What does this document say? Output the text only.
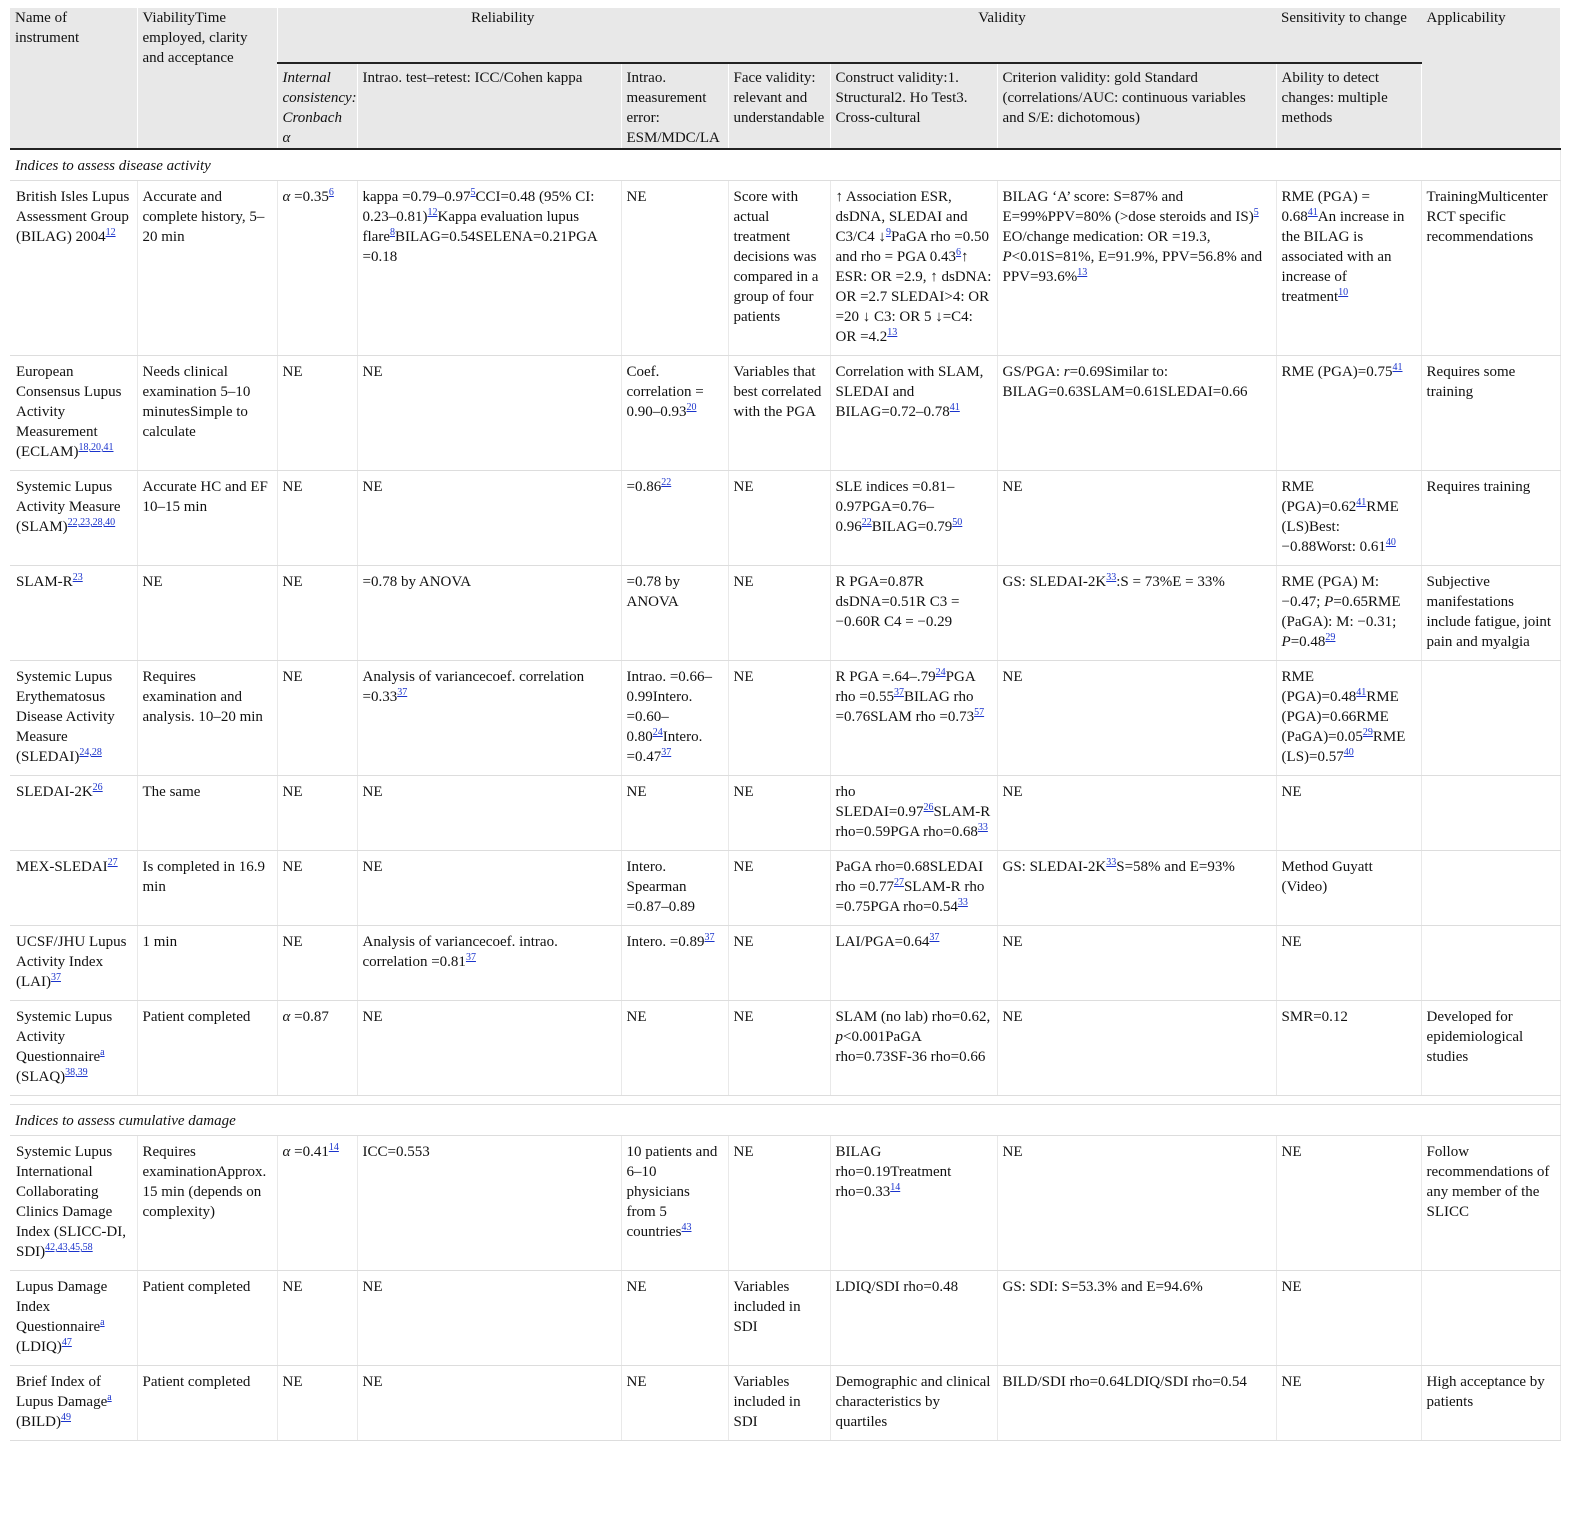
Name of instrument	ViabilityTime employed, clarity and acceptance	Reliability			Validity			Sensitivity to change	Applicability
		Internal consistency: Cronbach α	Intrao. test–retest: ICC/Cohen kappa	Intrao. measurement error: ESM/MDC/LA	Face validity: relevant and understandable	Construct validity:1. Structural2. Ho Test3. Cross-cultural	Criterion validity: gold Standard (correlations/AUC: continuous variables and S/E: dichotomous)	Ability to detect changes: multiple methods	
Indices to assess disease activity									
British Isles Lupus Assessment Group (BILAG) 2004$^{12}$	Accurate and complete history, 5–20 min	$\alpha =0.35^6$	kappa $=0.79-0.97^5CCI=0.48$ (95% CI: 0.23–0.81)$^{12}$Kappa evaluation lupus flare$^8$BILAG=0.54SELENA=0.21PGA =0.18	NE	Score with actual treatment decisions was compared in a group of four patients	↑ Association ESR, dsDNA, SLEDAI and C3/C4 ↓$^9$PaGA rho =0.50 and rho = PGA 0.43$^6$↑ ESR: OR =2.9, ↑ dsDNA: OR =2.7 SLEDAI>4: OR =20 ↓ C3: OR 5 ↓=C4: OR $=4.2^{13}$	BILAG ‘A’ score: S=87% and E=99%PPV=80% (>dose steroids and IS)$^5$ EO/change medication: OR =19.3, P<0.01S=81%, E=91.9%, PPV=56.8% and PPV=93.6%$^{13}$	RME $(PGA) = 0.68^{41}An$ increase in the BILAG is associated with an increase of treatment$^{10}$	TrainingMulticenter RCT specific recommendations
European Consensus Lupus Activity Measurement (ECLAM)$^{18,20,41}$	Needs clinical examination 5–10 minutesSimple to calculate	NE	NE	Coef. correlation = $0.90-0.93^{20}$	Variables that best correlated with the PGA	Correlation with SLAM, SLEDAI and $BILAG=0.72-0.78^{41}$	GS/PGA: r=0.69Similar to: BILAG=0.63SLAM=0.61SLEDAI=0.66	RME $(PGA)=0.75^{41}$	Requires some training
Systemic Lupus Activity Measure (SLAM)$^{22,23,28,40}$	Accurate HC and EF 10–15 min	NE	NE	$=0.86^{22}$	NE	SLE indices $=0.81-0.97PGA=0.76-0.96^{22}BILAG=0.79^{50}$	NE	RME $(PGA)=0.62^{41}RME$ (LS)Best: −0.88Worst: 0.61$^{40}$	Requires training
SLAM-$R^{23}$	NE	NE	=0.78 by ANOVA	=0.78 by ANOVA	NE	R PGA=0.87R dsDNA=0.51R C3 = −0.60R C4 = −0.29	GS: SLEDAI-$2K^{33}:S = 73\%E = 33\%$	RME (PGA) M: −0.47; P=0.65RME (PaGA): M: −0.31; $P=0.48^{29}$	Subjective manifestations include fatigue, joint pain and myalgia
Systemic Lupus Erythematosus Disease Activity Measure (SLEDAI)$^{24,28}$	Requires examination and analysis. 10–20 min	NE	Analysis of variancecoef. correlation $=0.33^{37}$	Intrao. =0.66–0.99Intero. $=0.60-0.80^{24}Intero$. $=0.47^{37}$	NE	R PGA $=.64-.79^{24}PGA$ rho $=0.55^{37}BILAG$ rho =0.76SLAM rho $=0.73^{57}$	NE	RME $(PGA)=0.48^{41}RME$ (PGA)=0.66RME $(PaGA)=0.05^{29}RME$ $(LS)=0.57^{40}$	
SLEDAI-$2K^{26}$	The same	NE	NE	NE	NE	rho $SLEDAI=0.97^{26}SLAM-R$ rho=0.59PGA $rho=0.68^{33}$	NE	NE	
MEX-SLEDAI$^{27}$	Is completed in 16.9 min	NE	NE	Intero. Spearman =0.87–0.89	NE	PaGA rho=0.68SLEDAI rho $=0.77^{27}SLAM-R$ rho =0.75PGA $rho=0.54^{33}$	GS: SLEDAI-$2K^{33}S=58\%$ and E=93%	Method Guyatt (Video)	
UCSF/JHU Lupus Activity Index (LAI)$^{37}$	1 min	NE	Analysis of variancecoef. intrao. correlation $=0.81^{37}$	Intero. $=0.89^{37}$	NE	LAI/$PGA=0.64^{37}$	NE	NE	
Systemic Lupus Activity Questionnaire$^a$ (SLAQ)$^{38,39}$	Patient completed	α =0.87	NE	NE	NE	SLAM (no lab) rho=0.62, p<0.001PaGA rho=0.73SF-36 rho=0.66	NE	SMR=0.12	Developed for epidemiological studies

Indices to assess cumulative damage									
Systemic Lupus International Collaborating Clinics Damage Index (SLICC-DI, SDI)$^{42,43,45,58}$	Requires examinationApprox. 15 min (depends on complexity)	$\alpha =0.41^{14}$	ICC=0.553	10 patients and 6–10 physicians from 5 countries$^{43}$	NE	BILAG rho=0.19Treatment $rho=0.33^{14}$	NE	NE	Follow recommendations of any member of the SLICC
Lupus Damage Index Questionnaire$^a$ (LDIQ)$^{47}$	Patient completed	NE	NE	NE	Variables included in SDI	LDIQ/SDI rho=0.48	GS: SDI: S=53.3% and E=94.6%	NE	
Brief Index of Lupus Damage$^a$ (BILD)$^{49}$	Patient completed	NE	NE	NE	Variables included in SDI	Demographic and clinical characteristics by quartiles	BILD/SDI rho=0.64LDIQ/SDI rho=0.54	NE	High acceptance by patients
